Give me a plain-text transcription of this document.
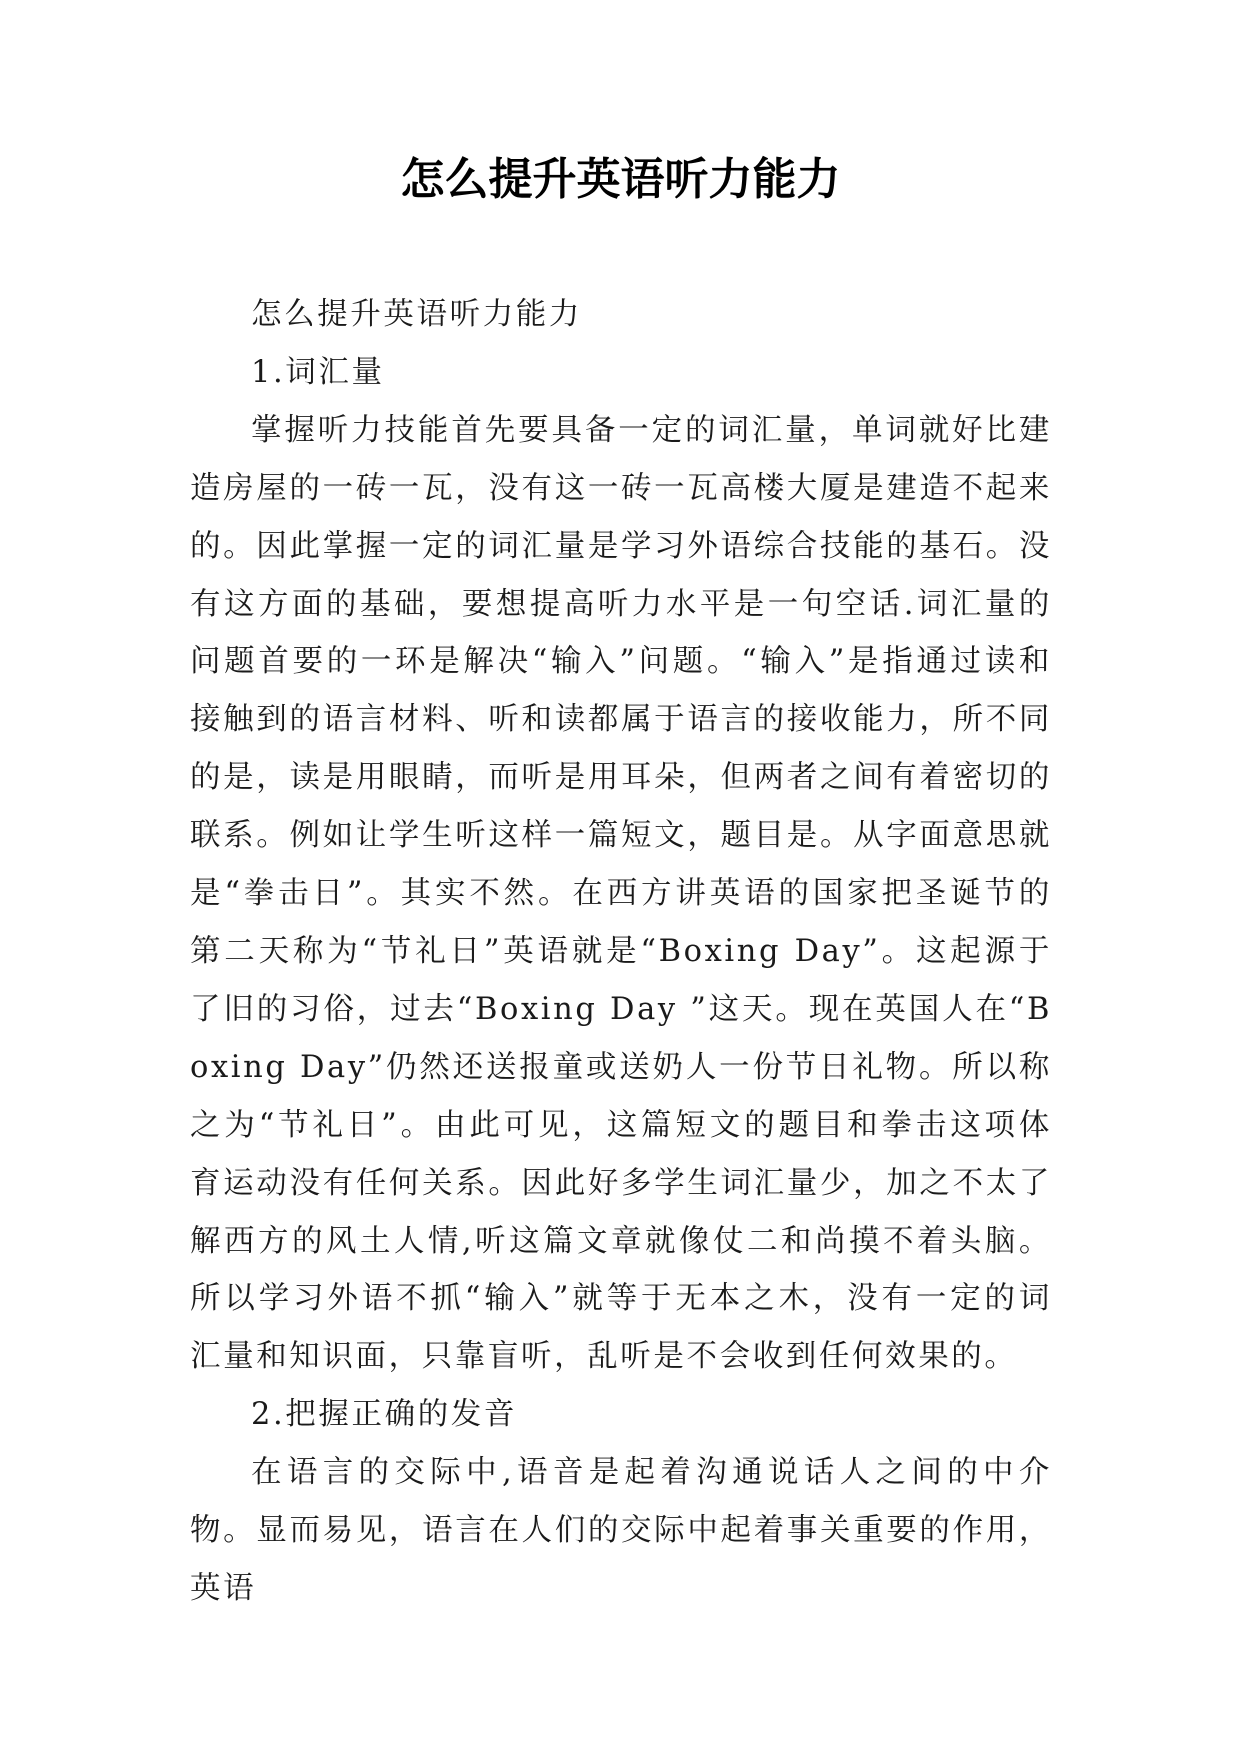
怎么提升英语听力能力

怎么提升英语听力能力

1.词汇量

掌握听力技能首先要具备一定的词汇量，单词就好比建造房屋的一砖一瓦，没有这一砖一瓦高楼大厦是建造不起来的。因此掌握一定的词汇量是学习外语综合技能的基石。没有这方面的基础，要想提高听力水平是一句空话.词汇量的问题首要的一环是解决“输入”问题。“输入”是指通过读和接触到的语言材料、听和读都属于语言的接收能力，所不同的是，读是用眼睛，而听是用耳朵，但两者之间有着密切的联系。例如让学生听这样一篇短文，题目是。从字面意思就是“拳击日”。其实不然。在西方讲英语的国家把圣诞节的第二天称为“节礼日”英语就是“Boxing Day”。这起源于了旧的习俗，过去“Boxing Day ”这天。现在英国人在“Boxing Day”仍然还送报童或送奶人一份节日礼物。所以称之为“节礼日”。由此可见，这篇短文的题目和拳击这项体育运动没有任何关系。因此好多学生词汇量少，加之不太了解西方的风土人情,听这篇文章就像仗二和尚摸不着头脑。所以学习外语不抓“输入”就等于无本之木，没有一定的词汇量和知识面，只靠盲听，乱听是不会收到任何效果的。

2.把握正确的发音

在语言的交际中,语音是起着沟通说话人之间的中介物。显而易见，语言在人们的交际中起着事关重要的作用，英语
